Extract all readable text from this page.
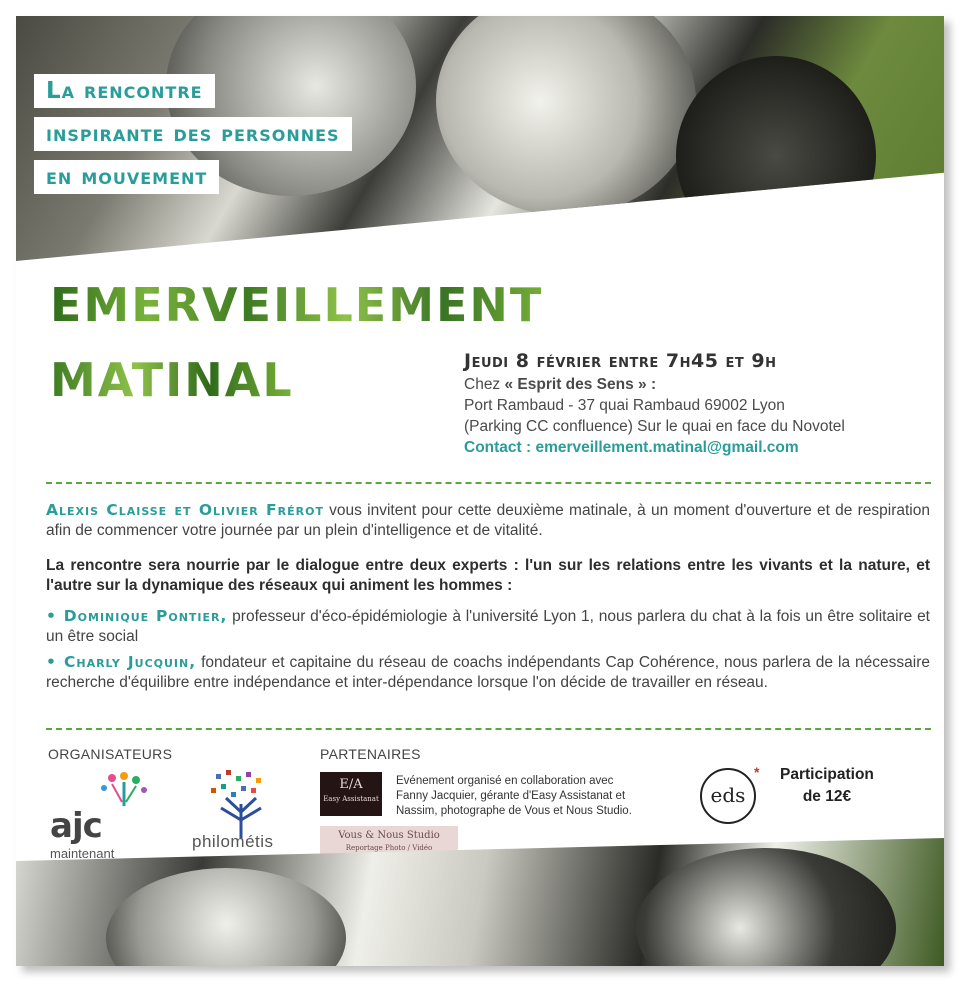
La rencontre
inspirante des personnes
en mouvement
emerveillement
matinal	Jeudi 8 février entre 7h45 et 9h
Chez « Esprit des Sens » :
Port Rambaud - 37 quai Rambaud 69002 Lyon
(Parking CC confluence) Sur le quai en face du Novotel
Contact : emerveillement.matinal@gmail.com
Alexis Claisse et Olivier Frérot vous invitent pour cette deuxième matinale, à un moment d'ouverture et de respiration afin de commencer votre journée par un plein d'intelligence et de vitalité.
La rencontre sera nourrie par le dialogue entre deux experts : l'un sur les relations entre les vivants et la nature, et l'autre sur la dynamique des réseaux qui animent les hommes :
• Dominique Pontier, professeur d'éco-épidémiologie à l'université Lyon 1, nous parlera du chat à la fois un être solitaire et un être social
• Charly Jucquin, fondateur et capitaine du réseau de coachs indépendants Cap Cohérence, nous parlera de la nécessaire recherche d'équilibre entre indépendance et inter-dépendance lorsque l'on décide de travailler en réseau.
ORGANISATEURS	PARTENAIRES
ajc
maintenant
philométis
E/A
Easy Assistanat
Vous & Nous Studio
Reportage Photo / Vidéo
Evénement organisé en collaboration avec
Fanny Jacquier, gérante d'Easy Assistanat et
Nassim, photographe de Vous et Nous Studio.
eds
* Participation
de 12€
